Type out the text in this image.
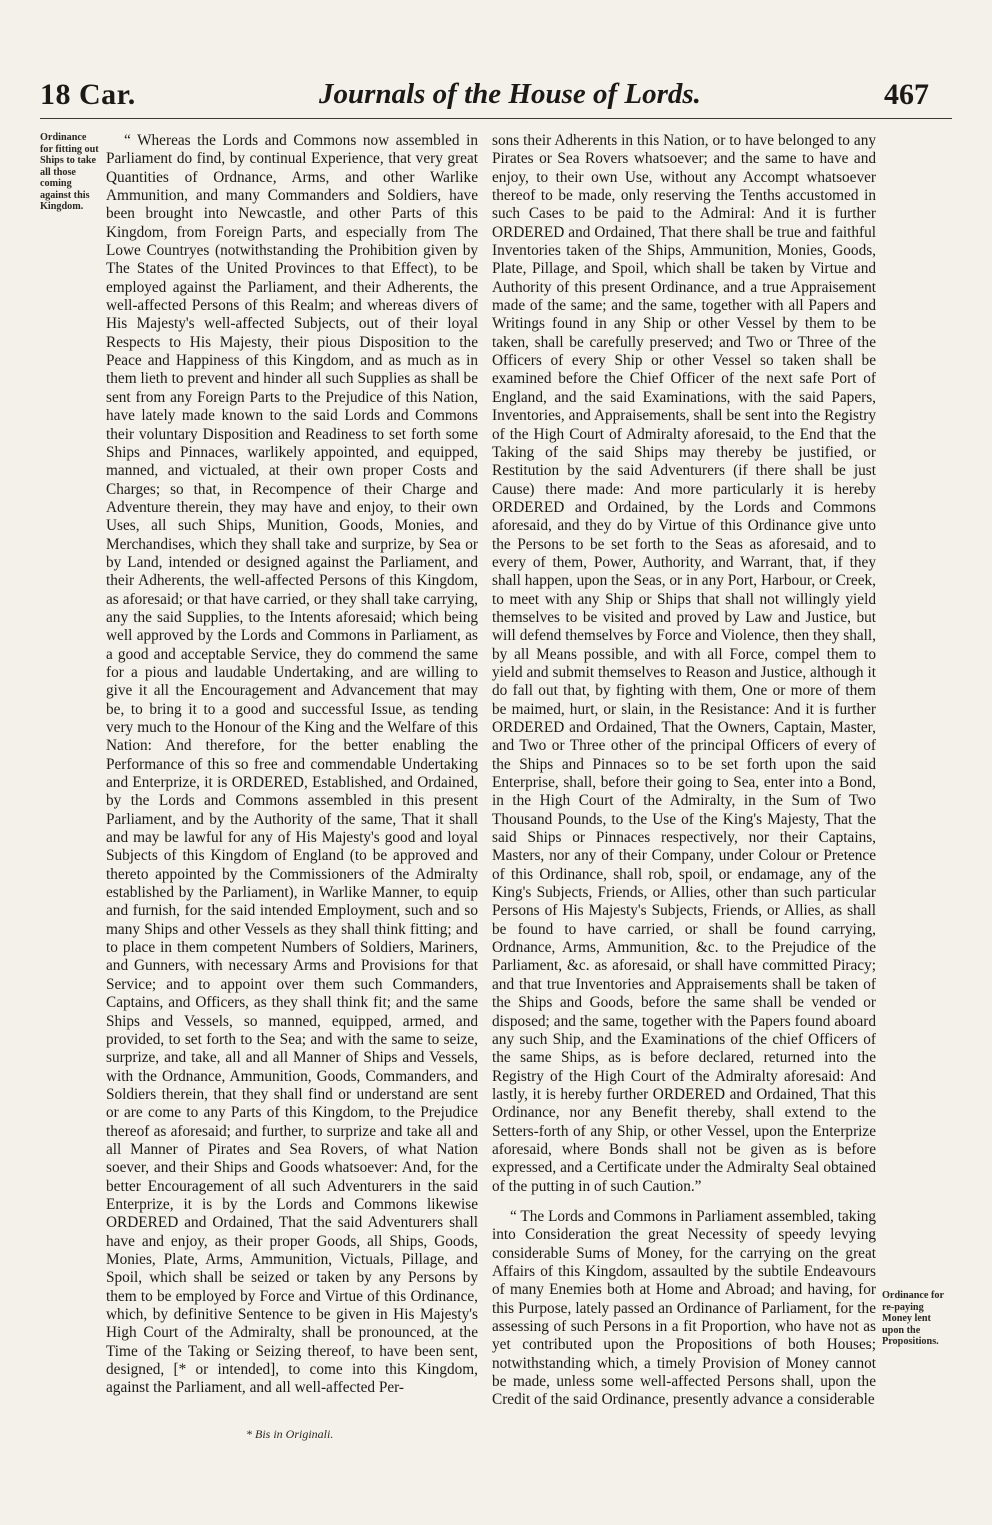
18 Car.	Journals of the House of Lords.	467
Ordinance for fitting out Ships to take all those coming against this Kingdom.

“ Whereas the Lords and Commons now assembled in Parliament do find, by continual Experience, that very great Quantities of Ordnance, Arms, and other Warlike Ammunition, and many Commanders and Soldiers, have been brought into Newcastle, and other Parts of this Kingdom, from Foreign Parts, and especially from The Lowe Countryes (notwithstanding the Prohibition given by The States of the United Provinces to that Effect), to be employed against the Parliament, and their Adherents, the well-affected Persons of this Realm; and whereas divers of His Majesty's well-affected Subjects, out of their loyal Respects to His Majesty, their pious Disposition to the Peace and Happiness of this Kingdom, and as much as in them lieth to prevent and hinder all such Supplies as shall be sent from any Foreign Parts to the Prejudice of this Nation, have lately made known to the said Lords and Commons their voluntary Disposition and Readiness to set forth some Ships and Pinnaces, warlikely appointed, and equipped, manned, and victualed, at their own proper Costs and Charges; so that, in Recompence of their Charge and Adventure therein, they may have and enjoy, to their own Uses, all such Ships, Munition, Goods, Monies, and Merchandises, which they shall take and surprize, by Sea or by Land, intended or designed against the Parliament, and their Adherents, the well-affected Persons of this Kingdom, as aforesaid; or that have carried, or they shall take carrying, any the said Supplies, to the Intents aforesaid; which being well approved by the Lords and Commons in Parliament, as a good and acceptable Service, they do commend the same for a pious and laudable Undertaking, and are willing to give it all the Encouragement and Advancement that may be, to bring it to a good and successful Issue, as tending very much to the Honour of the King and the Welfare of this Nation: And therefore, for the better enabling the Performance of this so free and commendable Undertaking and Enterprize, it is ORDERED, Established, and Ordained, by the Lords and Commons assembled in this present Parliament, and by the Authority of the same, That it shall and may be lawful for any of His Majesty's good and loyal Subjects of this Kingdom of England (to be approved and thereto appointed by the Commissioners of the Admiralty established by the Parliament), in Warlike Manner, to equip and furnish, for the said intended Employment, such and so many Ships and other Vessels as they shall think fitting; and to place in them competent Numbers of Soldiers, Mariners, and Gunners, with necessary Arms and Provisions for that Service; and to appoint over them such Commanders, Captains, and Officers, as they shall think fit; and the same Ships and Vessels, so manned, equipped, armed, and provided, to set forth to the Sea; and with the same to seize, surprize, and take, all and all Manner of Ships and Vessels, with the Ordnance, Ammunition, Goods, Commanders, and Soldiers therein, that they shall find or understand are sent or are come to any Parts of this Kingdom, to the Prejudice thereof as aforesaid; and further, to surprize and take all and all Manner of Pirates and Sea Rovers, of what Nation soever, and their Ships and Goods whatsoever: And, for the better Encouragement of all such Adventurers in the said Enterprize, it is by the Lords and Commons likewise ORDERED and Ordained, That the said Adventurers shall have and enjoy, as their proper Goods, all Ships, Goods, Monies, Plate, Arms, Ammunition, Victuals, Pillage, and Spoil, which shall be seized or taken by any Persons by them to be employed by Force and Virtue of this Ordinance, which, by definitive Sentence to be given in His Majesty's High Court of the Admiralty, shall be pronounced, at the Time of the Taking or Seizing thereof, to have been sent, designed, [* or intended], to come into this Kingdom, against the Parliament, and all well-affected Per-

sons their Adherents in this Nation, or to have belonged to any Pirates or Sea Rovers whatsoever; and the same to have and enjoy, to their own Use, without any Accompt whatsoever thereof to be made, only reserving the Tenths accustomed in such Cases to be paid to the Admiral: And it is further ORDERED and Ordained, That there shall be true and faithful Inventories taken of the Ships, Ammunition, Monies, Goods, Plate, Pillage, and Spoil, which shall be taken by Virtue and Authority of this present Ordinance, and a true Appraisement made of the same; and the same, together with all Papers and Writings found in any Ship or other Vessel by them to be taken, shall be carefully preserved; and Two or Three of the Officers of every Ship or other Vessel so taken shall be examined before the Chief Officer of the next safe Port of England, and the said Examinations, with the said Papers, Inventories, and Appraisements, shall be sent into the Registry of the High Court of Admiralty aforesaid, to the End that the Taking of the said Ships may thereby be justified, or Restitution by the said Adventurers (if there shall be just Cause) there made: And more particularly it is hereby ORDERED and Ordained, by the Lords and Commons aforesaid, and they do by Virtue of this Ordinance give unto the Persons to be set forth to the Seas as aforesaid, and to every of them, Power, Authority, and Warrant, that, if they shall happen, upon the Seas, or in any Port, Harbour, or Creek, to meet with any Ship or Ships that shall not willingly yield themselves to be visited and proved by Law and Justice, but will defend themselves by Force and Violence, then they shall, by all Means possible, and with all Force, compel them to yield and submit themselves to Reason and Justice, although it do fall out that, by fighting with them, One or more of them be maimed, hurt, or slain, in the Resistance: And it is further ORDERED and Ordained, That the Owners, Captain, Master, and Two or Three other of the principal Officers of every of the Ships and Pinnaces so to be set forth upon the said Enterprise, shall, before their going to Sea, enter into a Bond, in the High Court of the Admiralty, in the Sum of Two Thousand Pounds, to the Use of the King's Majesty, That the said Ships or Pinnaces respectively, nor their Captains, Masters, nor any of their Company, under Colour or Pretence of this Ordinance, shall rob, spoil, or endamage, any of the King's Subjects, Friends, or Allies, other than such particular Persons of His Majesty's Subjects, Friends, or Allies, as shall be found to have carried, or shall be found carrying, Ordnance, Arms, Ammunition, &c. to the Prejudice of the Parliament, &c. as aforesaid, or shall have committed Piracy; and that true Inventories and Appraisements shall be taken of the Ships and Goods, before the same shall be vended or disposed; and the same, together with the Papers found aboard any such Ship, and the Examinations of the chief Officers of the same Ships, as is before declared, returned into the Registry of the High Court of the Admiralty aforesaid: And lastly, it is hereby further ORDERED and Ordained, That this Ordinance, nor any Benefit thereby, shall extend to the Setters-forth of any Ship, or other Vessel, upon the Enterprize aforesaid, where Bonds shall not be given as is before expressed, and a Certificate under the Admiralty Seal obtained of the putting in of such Caution.”

“ The Lords and Commons in Parliament assembled, taking into Consideration the great Necessity of speedy levying considerable Sums of Money, for the carrying on the great Affairs of this Kingdom, assaulted by the subtile Endeavours of many Enemies both at Home and Abroad; and having, for this Purpose, lately passed an Ordinance of Parliament, for the assessing of such Persons in a fit Proportion, who have not as yet contributed upon the Propositions of both Houses; notwithstanding which, a timely Provision of Money cannot be made, unless some well-affected Persons shall, upon the Credit of the said Ordinance, presently advance a considerable

Ordinance for re-paying Money lent upon the Propositions.
* Bis in Originali.
